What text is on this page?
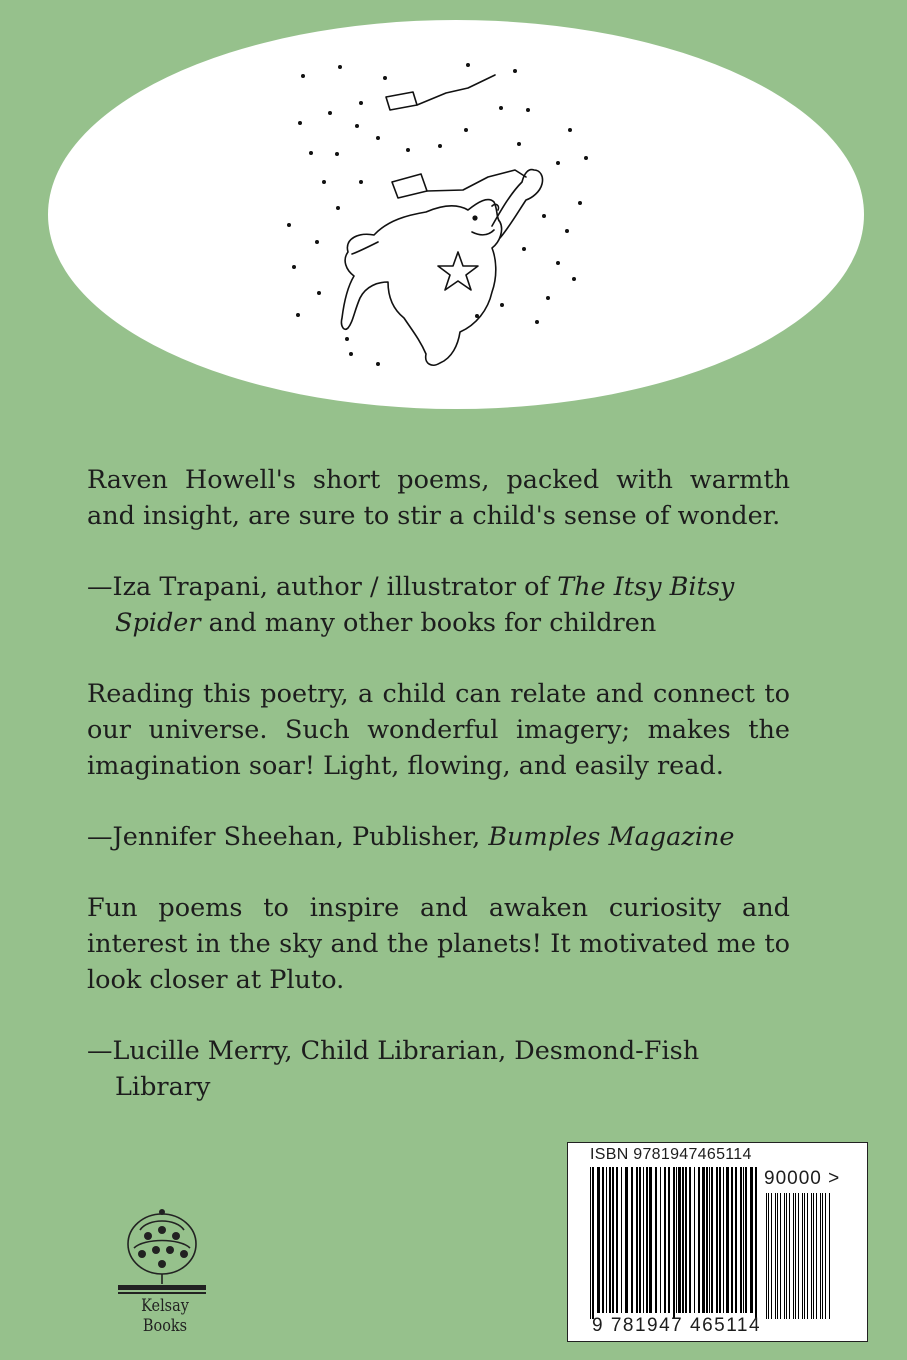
Raven Howell's short poems, packed with warmth and insight, are sure to stir a child's sense of wonder.

—Iza Trapani, author / illustrator of The Itsy Bitsy Spider and many other books for children

Reading this poetry, a child can relate and connect to our universe. Such wonderful imagery; makes the imagination soar! Light, flowing, and easily read.

—Jennifer Sheehan, Publisher, Bumples Magazine

Fun poems to inspire and awaken curiosity and interest in the sky and the planets! It motivated me to look closer at Pluto.

—Lucille Merry, Child Librarian, Desmond-Fish Library

Kelsay Books
ISBN 9781947465114
9 781947 465114
90000 >
